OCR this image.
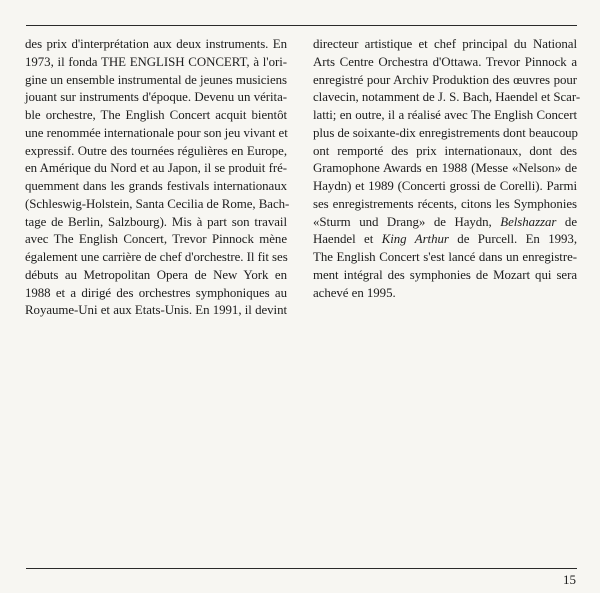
des prix d'interprétation aux deux instruments. En
1973, il fonda THE ENGLISH CONCERT, à l'ori-
gine un ensemble instrumental de jeunes musiciens
jouant sur instruments d'époque. Devenu un vérita-
ble orchestre, The English Concert acquit bientôt
une renommée internationale pour son jeu vivant et
expressif. Outre des tournées régulières en Europe,
en Amérique du Nord et au Japon, il se produit fré-
quemment dans les grands festivals internationaux
(Schleswig-Holstein, Santa Cecilia de Rome, Bach-
tage de Berlin, Salzbourg). Mis à part son travail
avec The English Concert, Trevor Pinnock mène
également une carrière de chef d'orchestre. Il fit ses
débuts au Metropolitan Opera de New York en
1988 et a dirigé des orchestres symphoniques au
Royaume-Uni et aux Etats-Unis. En 1991, il devint
directeur artistique et chef principal du National
Arts Centre Orchestra d'Ottawa. Trevor Pinnock a
enregistré pour Archiv Produktion des œuvres pour
clavecin, notamment de J. S. Bach, Haendel et Scar-
latti; en outre, il a réalisé avec The English Concert
plus de soixante-dix enregistrements dont beaucoup
ont remporté des prix internationaux, dont des
Gramophone Awards en 1988 (Messe «Nelson» de
Haydn) et 1989 (Concerti grossi de Corelli). Parmi
ses enregistrements récents, citons les Symphonies
«Sturm und Drang» de Haydn, Belshazzar de
Haendel et King Arthur de Purcell. En 1993,
The English Concert s'est lancé dans un enregistre-
ment intégral des symphonies de Mozart qui sera
achevé en 1995.
15
